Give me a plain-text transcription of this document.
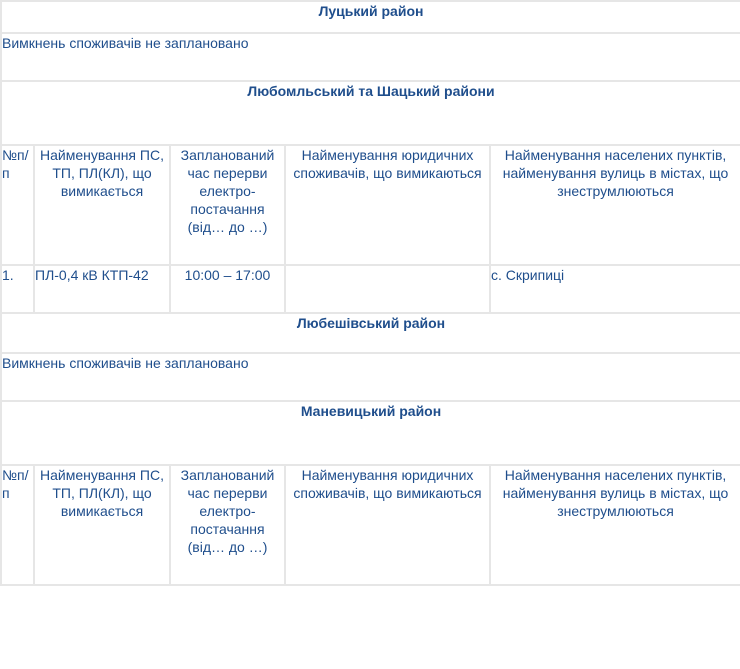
Луцький район				
Вимкнень споживачів не заплановано				
Любомльський та Шацький райони				
№п/п	Найменування ПС, ТП, ПЛ(КЛ), що вимикається	Запланований час перерви електро-постачання (від… до …)	Найменування юридичних споживачів, що вимикаються	Найменування населених пунктів, найменування вулиць в містах, що знеструмлюються
1.	ПЛ-0,4 кВ КТП-42	10:00 – 17:00		с. Скрипиці
Любешівський район				
Вимкнень споживачів не заплановано				
Маневицький район				
№п/п	Найменування ПС, ТП, ПЛ(КЛ), що вимикається	Запланований час перерви електро-постачання (від… до …)	Найменування юридичних споживачів, що вимикаються	Найменування населених пунктів, найменування вулиць в містах, що знеструмлюються
